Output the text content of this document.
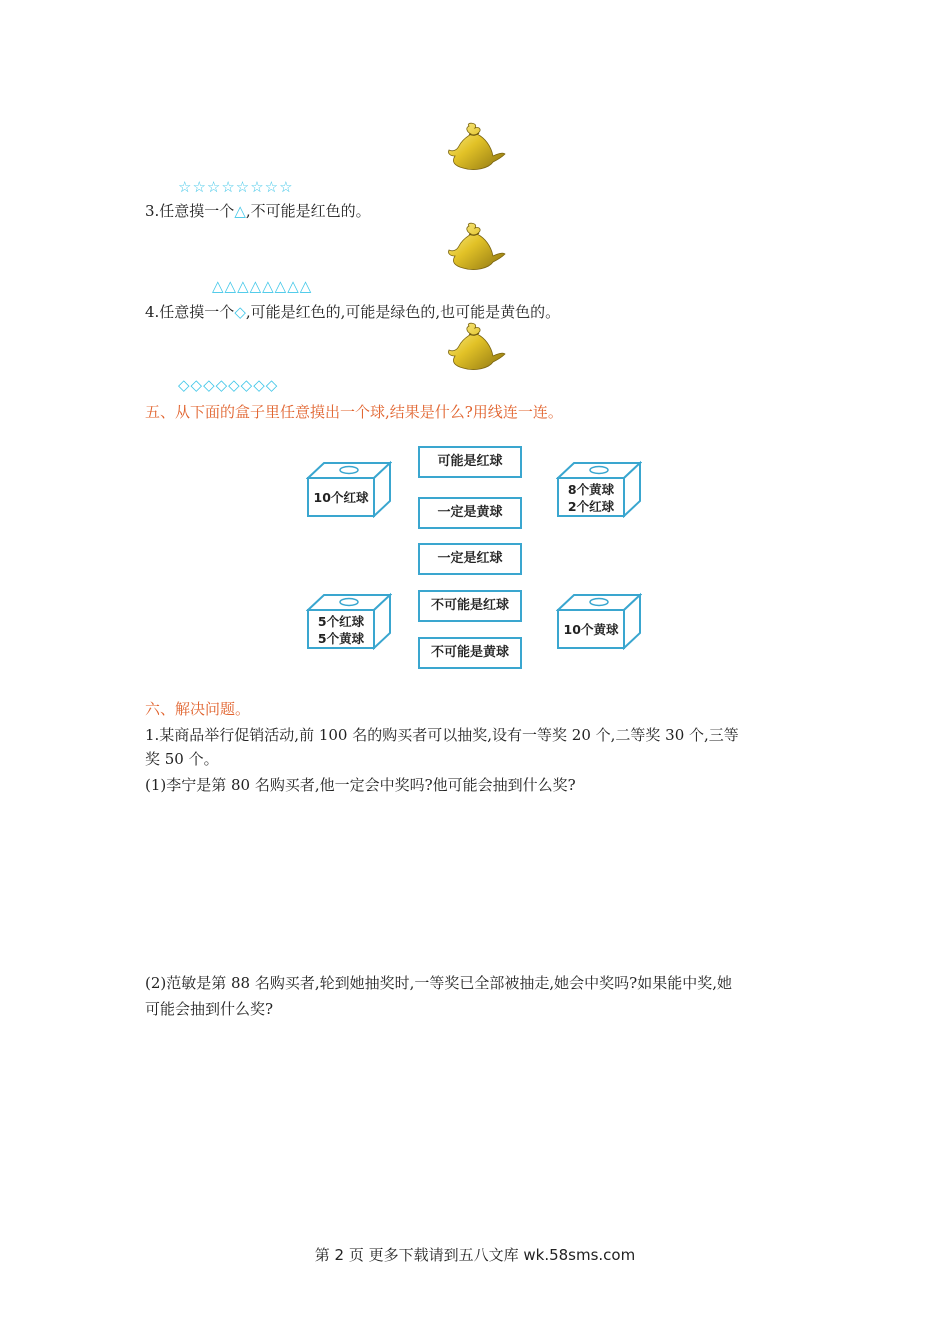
☆☆☆☆☆☆☆☆
3.任意摸一个△,不可能是红色的。
△△△△△△△△
4.任意摸一个◇,可能是红色的,可能是绿色的,也可能是黄色的。
◇◇◇◇◇◇◇◇
五、从下面的盒子里任意摸出一个球,结果是什么?用线连一连。
10个红球
8个黄球
2个红球
5个红球
5个黄球
10个黄球
可能是红球
一定是黄球
一定是红球
不可能是红球
不可能是黄球
六、解决问题。
1.某商品举行促销活动,前 100 名的购买者可以抽奖,设有一等奖 20 个,二等奖 30 个,三等
奖 50 个。
(1)李宁是第 80 名购买者,他一定会中奖吗?他可能会抽到什么奖?
(2)范敏是第 88 名购买者,轮到她抽奖时,一等奖已全部被抽走,她会中奖吗?如果能中奖,她
可能会抽到什么奖?
第 2 页 更多下载请到五八文库 wk.58sms.com
